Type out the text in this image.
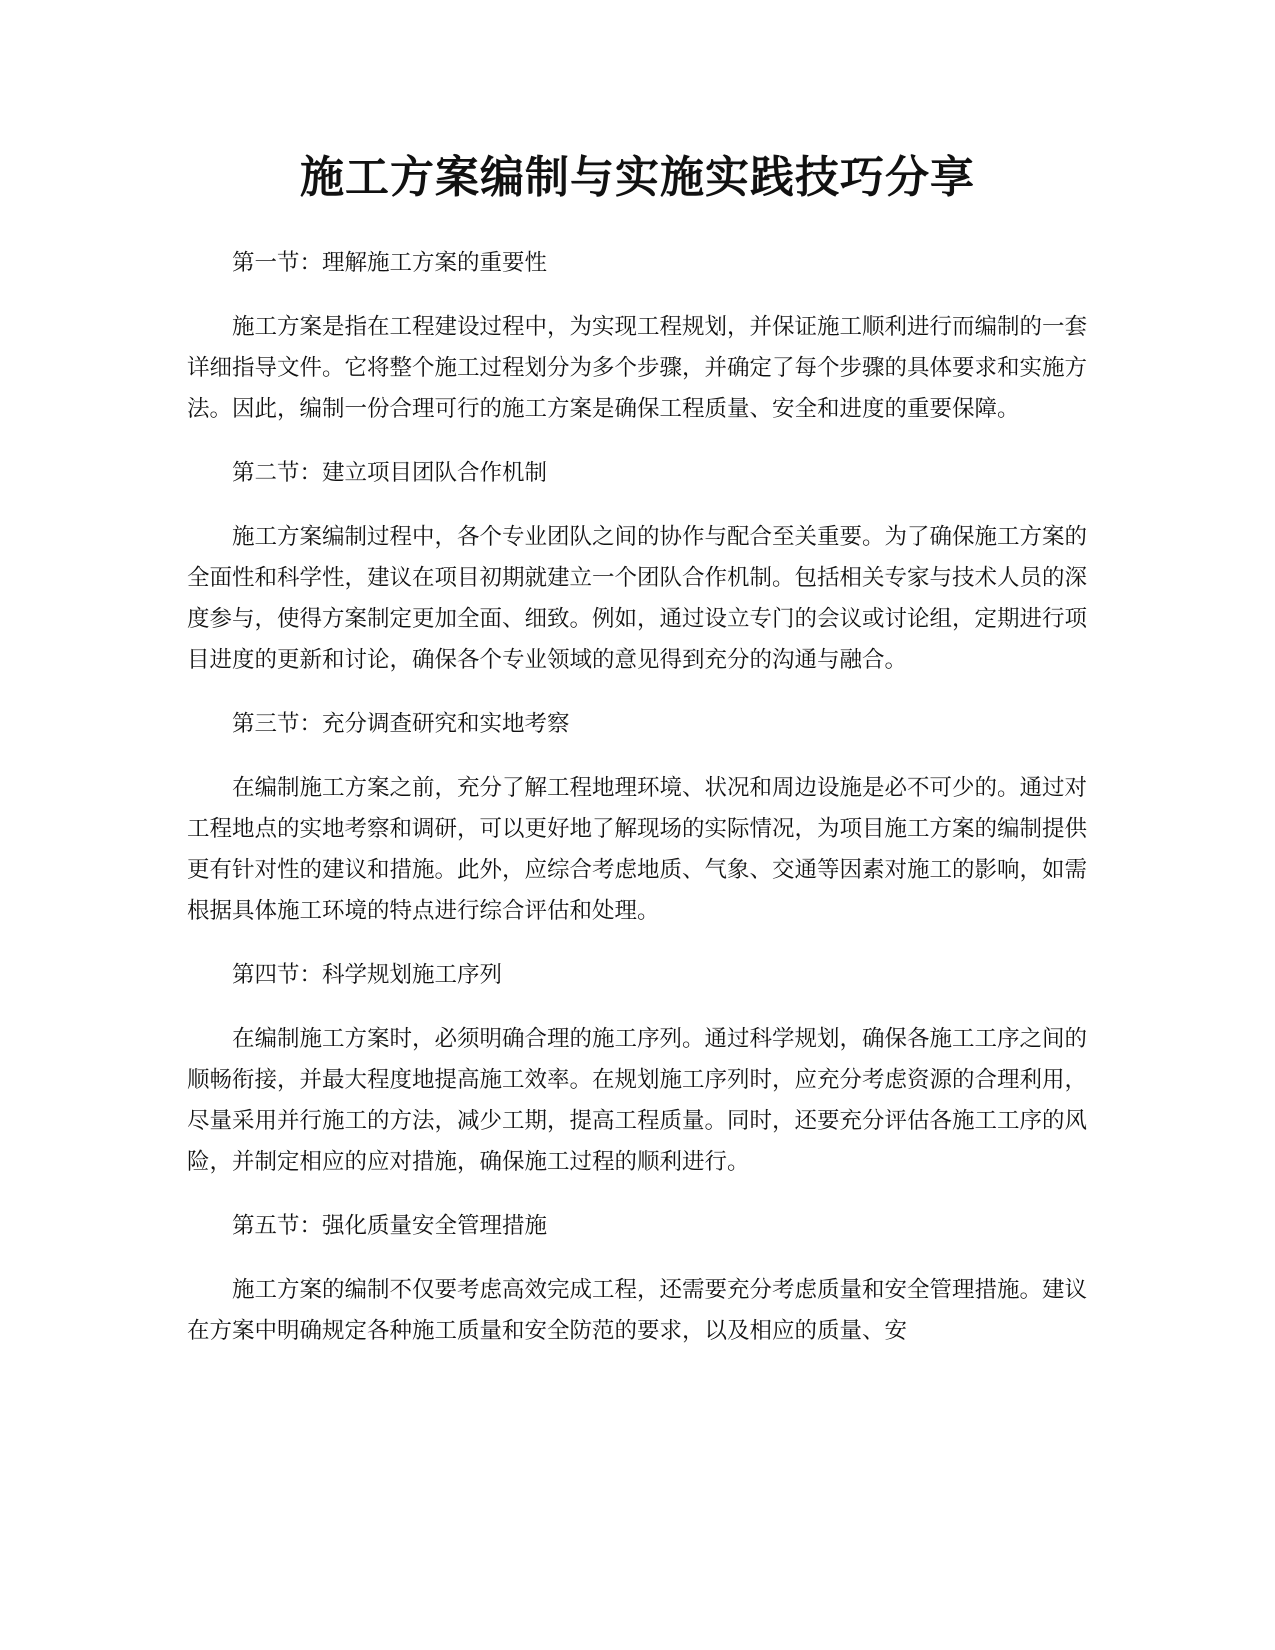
施工方案编制与实施实践技巧分享

第一节：理解施工方案的重要性

施工方案是指在工程建设过程中，为实现工程规划，并保证施工顺利进行而编制的一套详细指导文件。它将整个施工过程划分为多个步骤，并确定了每个步骤的具体要求和实施方法。因此，编制一份合理可行的施工方案是确保工程质量、安全和进度的重要保障。

第二节：建立项目团队合作机制

施工方案编制过程中，各个专业团队之间的协作与配合至关重要。为了确保施工方案的全面性和科学性，建议在项目初期就建立一个团队合作机制。包括相关专家与技术人员的深度参与，使得方案制定更加全面、细致。例如，通过设立专门的会议或讨论组，定期进行项目进度的更新和讨论，确保各个专业领域的意见得到充分的沟通与融合。

第三节：充分调查研究和实地考察

在编制施工方案之前，充分了解工程地理环境、状况和周边设施是必不可少的。通过对工程地点的实地考察和调研，可以更好地了解现场的实际情况，为项目施工方案的编制提供更有针对性的建议和措施。此外，应综合考虑地质、气象、交通等因素对施工的影响，如需根据具体施工环境的特点进行综合评估和处理。

第四节：科学规划施工序列

在编制施工方案时，必须明确合理的施工序列。通过科学规划，确保各施工工序之间的顺畅衔接，并最大程度地提高施工效率。在规划施工序列时，应充分考虑资源的合理利用，尽量采用并行施工的方法，减少工期，提高工程质量。同时，还要充分评估各施工工序的风险，并制定相应的应对措施，确保施工过程的顺利进行。

第五节：强化质量安全管理措施

施工方案的编制不仅要考虑高效完成工程，还需要充分考虑质量和安全管理措施。建议在方案中明确规定各种施工质量和安全防范的要求，以及相应的质量、安
